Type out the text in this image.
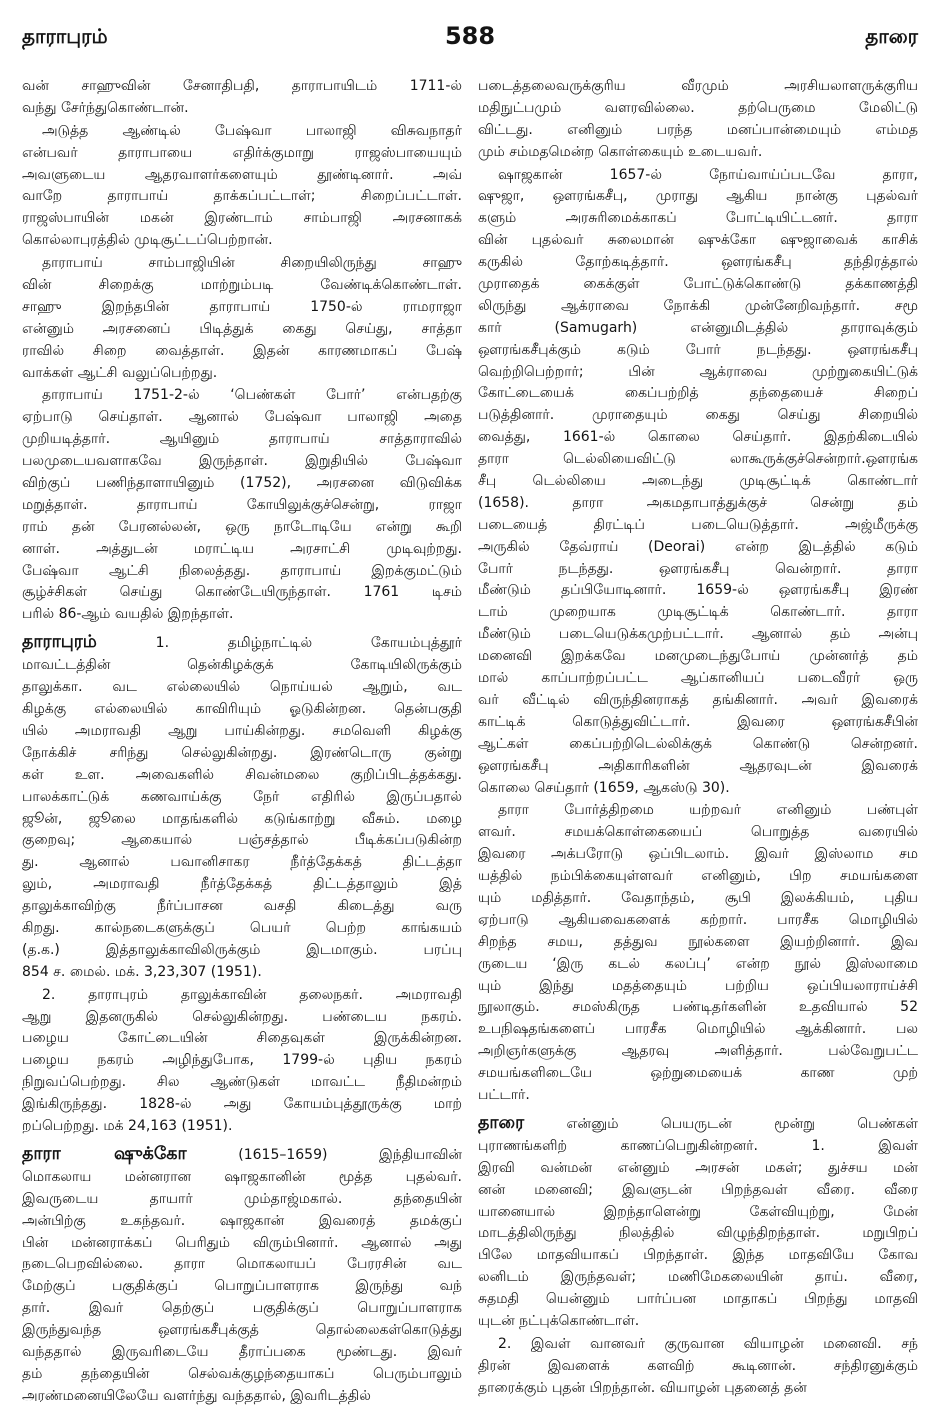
தாராபுரம்	588	தாரை
வன் சாஹுவின் சேனாதிபதி, தாராபாயிடம் 1711-ல்
வந்து சேர்ந்துகொண்டான்.
அடுத்த ஆண்டில் பேஷ்வா பாலாஜி விசுவநாதர்
என்பவர் தாராபாயை எதிர்க்குமாறு ராஜஸ்பாயையும்
அவளுடைய ஆதரவாளர்களையும் தூண்டினார். அவ்
வாறே தாராபாய் தாக்கப்பட்டாள்; சிறைப்பட்டாள்.
ராஜஸ்பாயின் மகன் இரண்டாம் சாம்பாஜி அரசனாகக்
கொல்லாபுரத்தில் முடிசூட்டப்பெற்றான்.
தாராபாய் சாம்பாஜியின் சிறையிலிருந்து சாஹு
வின் சிறைக்கு மாற்றும்படி வேண்டிக்கொண்டாள்.
சாஹு இறந்தபின் தாராபாய் 1750-ல் ராமராஜா
என்னும் அரசனைப் பிடித்துக் கைது செய்து, சாத்தா
ராவில் சிறை வைத்தாள். இதன் காரணமாகப் பேஷ்
வாக்கள் ஆட்சி வலுப்பெற்றது.
தாராபாய் 1751-2-ல் ‘பெண்கள் போர்’ என்பதற்கு
ஏற்பாடு செய்தாள். ஆனால் பேஷ்வா பாலாஜி அதை
முறியடித்தார். ஆயினும் தாராபாய் சாத்தாராவில்
பலமுடையவளாகவே இருந்தாள். இறுதியில் பேஷ்வா
விற்குப் பணிந்தாளாயினும் (1752), அரசனை விடுவிக்க
மறுத்தாள். தாராபாய் கோயிலுக்குச்சென்று, ராஜா
ராம் தன் பேரனல்லன், ஒரு நாடோடியே என்று கூறி
னாள். அத்துடன் மராட்டிய அரசாட்சி முடிவுற்றது.
பேஷ்வா ஆட்சி நிலைத்தது. தாராபாய் இறக்குமட்டும்
சூழ்ச்சிகள் செய்து கொண்டேயிருந்தாள். 1761 டிசம்
பரில் 86-ஆம் வயதில் இறந்தாள்.
தாராபுரம்	1. தமிழ்நாட்டில் கோயம்புத்தூர்
மாவட்டத்தின் தென்கிழக்குக் கோடியிலிருக்கும்
தாலுக்கா. வட எல்லையில் நொய்யல் ஆறும், வட
கிழக்கு எல்லையில் காவிரியும் ஓடுகின்றன. தென்பகுதி
யில் அமராவதி ஆறு பாய்கின்றது. சமவெளி கிழக்கு
நோக்கிச் சரிந்து செல்லுகின்றது. இரண்டொரு குன்று
கள் உள. அவைகளில் சிவன்மலை குறிப்பிடத்தக்கது.
பாலக்காட்டுக் கணவாய்க்கு நேர் எதிரில் இருப்பதால்
ஜூன், ஜூலை மாதங்களில் கடுங்காற்று வீசும். மழை
குறைவு; ஆகையால் பஞ்சத்தால் பீடிக்கப்படுகின்ற
து. ஆனால் பவானிசாகர நீர்த்தேக்கத் திட்டத்தா
லும், அமராவதி நீர்த்தேக்கத் திட்டத்தாலும் இத்
தாலுக்காவிற்கு நீர்ப்பாசன வசதி கிடைத்து வரு
கிறது. கால்நடைகளுக்குப் பெயர் பெற்ற காங்கயம்
(த.க.) இத்தாலுக்காவிலிருக்கும் இடமாகும். பரப்பு
854 ச. மைல். மக். 3,23,307 (1951).
2. தாராபுரம் தாலுக்காவின் தலைநகர். அமராவதி
ஆறு இதனருகில் செல்லுகின்றது. பண்டைய நகரம்.
பழைய கோட்டையின் சிதைவுகள் இருக்கின்றன.
பழைய நகரம் அழிந்துபோக, 1799-ல் புதிய நகரம்
நிறுவப்பெற்றது. சில ஆண்டுகள் மாவட்ட நீதிமன்றம்
இங்கிருந்தது. 1828-ல் அது கோயம்புத்தூருக்கு மாற்
றப்பெற்றது. மக் 24,163 (1951).
தாரா ஷுக்கோ	(1615–1659) இந்தியாவின்
மொகலாய மன்னரான ஷாஜகானின் மூத்த புதல்வர்.
இவருடைய தாயார் மும்தாஜ்மகால். தந்தையின்
அன்பிற்கு உகந்தவர். ஷாஜகான் இவரைத் தமக்குப்
பின் மன்னராக்கப் பெரிதும் விரும்பினார். ஆனால் அது
நடைபெறவில்லை. தாரா மொகலாயப் பேரரசின் வட
மேற்குப் பகுதிக்குப் பொறுப்பாளராக இருந்து வந்
தார். இவர் தெற்குப் பகுதிக்குப் பொறுப்பாளராக
இருந்துவந்த ஔரங்கசீபுக்குத் தொல்லைகள்கொடுத்து
வந்ததால் இருவரிடையே தீராப்பகை மூண்டது. இவர்
தம் தந்தையின் செல்வக்குழந்தையாகப் பெரும்பாலும்
அரண்மனையிலேயே வளர்ந்து வந்ததால், இவரிடத்தில்
படைத்தலைவருக்குரிய வீரமும் அரசியலாளருக்குரிய
மதிநுட்பமும் வளரவில்லை. தற்பெருமை மேலிட்டு
விட்டது. எனினும் பரந்த மனப்பான்மையும் எம்மத
மும் சம்மதமென்ற கொள்கையும் உடையவர்.
ஷாஜகான் 1657-ல் நோய்வாய்ப்படவே தாரா,
ஷுஜா, ஔரங்கசீபு, முராது ஆகிய நான்கு புதல்வர்
களும் அரசுரிமைக்காகப் போட்டியிட்டனர். தாரா
வின் புதல்வர் சுலைமான் ஷுக்கோ ஷுஜாவைக் காசிக்
கருகில் தோற்கடித்தார். ஔரங்கசீபு தந்திரத்தால்
முராதைக் கைக்குள் போட்டுக்கொண்டு தக்காணத்தி
லிருந்து ஆக்ராவை நோக்கி முன்னேறிவந்தார். சமூ
கார் (Samugarh) என்னுமிடத்தில் தாராவுக்கும்
ஔரங்கசீபுக்கும் கடும் போர் நடந்தது. ஔரங்கசீபு
வெற்றிபெற்றார்; பின் ஆக்ராவை முற்றுகையிட்டுக்
கோட்டையைக் கைப்பற்றித் தந்தையைச் சிறைப்
படுத்தினார். முராதையும் கைது செய்து சிறையில்
வைத்து, 1661-ல் கொலை செய்தார். இதற்கிடையில்
தாரா டெல்லியைவிட்டு லாகூருக்குச்சென்றார்.ஔரங்க
சீபு டெல்லியை அடைந்து முடிசூட்டிக் கொண்டார்
(1658). தாரா அகமதாபாத்துக்குச் சென்று தம்
படையைத் திரட்டிப் படையெடுத்தார். அஜ்மீருக்கு
அருகில் தேவ்ராய் (Deorai) என்ற இடத்தில் கடும்
போர் நடந்தது. ஔரங்கசீபு வென்றார். தாரா
மீண்டும் தப்பியோடினார். 1659-ல் ஔரங்கசீபு இரண்
டாம் முறையாக முடிசூட்டிக் கொண்டார். தாரா
மீண்டும் படையெடுக்கமுற்பட்டார். ஆனால் தம் அன்பு
மனைவி இறக்கவே மனமுடைந்துபோய் முன்னர்த் தம்
மால் காப்பாற்றப்பட்ட ஆப்கானியப் படைவீரர் ஒரு
வர் வீட்டில் விருந்தினராகத் தங்கினார். அவர் இவரைக்
காட்டிக் கொடுத்துவிட்டார். இவரை ஔரங்கசீபின்
ஆட்கள் கைப்பற்றிடெல்லிக்குக் கொண்டு சென்றனர்.
ஔரங்கசீபு அதிகாரிகளின் ஆதரவுடன் இவரைக்
கொலை செய்தார் (1659, ஆகஸ்டு 30).
தாரா போர்த்திறமை யற்றவர் எனினும் பண்புள்
ளவர். சமயக்கொள்கையைப் பொறுத்த வரையில்
இவரை அக்பரோடு ஒப்பிடலாம். இவர் இஸ்லாம சம
யத்தில் நம்பிக்கையுள்ளவர் எனினும், பிற சமயங்களை
யும் மதித்தார். வேதாந்தம், சூபி இலக்கியம், புதிய
ஏற்பாடு ஆகியவைகளைக் கற்றார். பாரசீக மொழியில்
சிறந்த சமய, தத்துவ நூல்களை இயற்றினார். இவ
ருடைய ‘இரு கடல் கலப்பு’ என்ற நூல் இஸ்லாமை
யும் இந்து மதத்தையும் பற்றிய ஒப்பியலாராய்ச்சி
நூலாகும். சமஸ்கிருத பண்டிதர்களின் உதவியால் 52
உபநிஷதங்களைப் பாரசீக மொழியில் ஆக்கினார். பல
அறிஞர்களுக்கு ஆதரவு அளித்தார். பல்வேறுபட்ட
சமயங்களிடையே ஒற்றுமையைக் காண முற்
பட்டார்.
தாரை	என்னும் பெயருடன் மூன்று பெண்கள்
புராணங்களிற் காணப்பெறுகின்றனர். 1. இவள்
இரவி வன்மன் என்னும் அரசன் மகள்; துச்சய மன்
னன் மனைவி; இவளுடன் பிறந்தவள் வீரை. வீரை
யானையால் இறந்தாளென்று கேள்வியுற்று, மேன்
மாடத்திலிருந்து நிலத்தில் விழுந்திறந்தாள். மறுபிறப்
பிலே மாதவியாகப் பிறந்தாள். இந்த மாதவியே கோவ
லனிடம் இருந்தவள்; மணிமேகலையின் தாய். வீரை,
சுதமதி யென்னும் பார்ப்பன மாதாகப் பிறந்து மாதவி
யுடன் நட்புக்கொண்டாள்.
2. இவள் வானவர் குருவான வியாழன் மனைவி. சந்
திரன் இவளைக் களவிற் கூடினான். சந்திரனுக்கும்
தாரைக்கும் புதன் பிறந்தான். வியாழன் புதனைத் தன்
